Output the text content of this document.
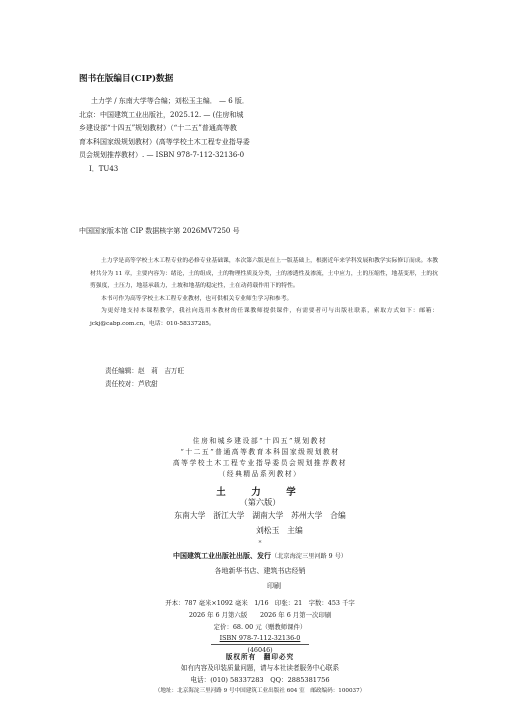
图书在版编目(CIP)数据

土力学 / 东南大学等合编；刘松玉主编． — 6 版．

北京：中国建筑工业出版社，2025.12. — (住房和城

乡建设部“十四五”规划教材）（“十二五”普通高等教

育本科国家级规划教材）(高等学校土木工程专业指导委

员会规划推荐教材）. — ISBN 978-7-112-32136-0

Ⅰ．TU43

中国国家版本馆 CIP 数据核字第 2026MV7250 号

土力学是高等学校土木工程专业的必修专业基础课，本次第六版是在上一版基础上，根据近年来学科发展和教学实际修订而成。本教材共分为 11 章，主要内容为：绪论，土的组成，土的物理性质及分类，土的渗透性及渗流，土中应力，土的压缩性，地基变形，土的抗剪强度，土压力，地基承载力，土坡和地基的稳定性，土在动荷载作用下的特性。

本书可作为高等学校土木工程专业教材，也可供相关专业师生学习和参考。

为更好地支持本课程教学，我社向选用本教材的任课教师提供课件，有需要者可与出版社联系，索取方式如下：邮箱：jckj@cabp.com.cn，电话：010-58337285。

责任编辑：赵　莉　吉万旺
责任校对：芦欣甜
住房和城乡建设部“十四五”规划教材
“十二五”普通高等教育本科国家级规划教材
高等学校土木工程专业指导委员会规划推荐教材
（经典精品系列教材）
土　力　学
（第六版）
东南大学　浙江大学　湖南大学　苏州大学　合编
刘松玉　主编
*
中国建筑工业出版社出版、发行（北京海淀三里河路 9 号）
各地新华书店、建筑书店经销
印刷
开本：787 毫米×1092 毫米　1/16　印张：21　字数：453 千字
2026 年 6 月第六版　　2026 年 6 月第一次印刷
定价：68. 00 元（赠教师课件）
ISBN 978-7-112-32136-0
(46046)
版权所有　翻印必究
如有内容及印装质量问题，请与本社读者服务中心联系
电话：(010) 58337283　QQ：2885381756
（地址：北京海淀三里河路 9 号中国建筑工业出版社 604 室　邮政编码：100037）
